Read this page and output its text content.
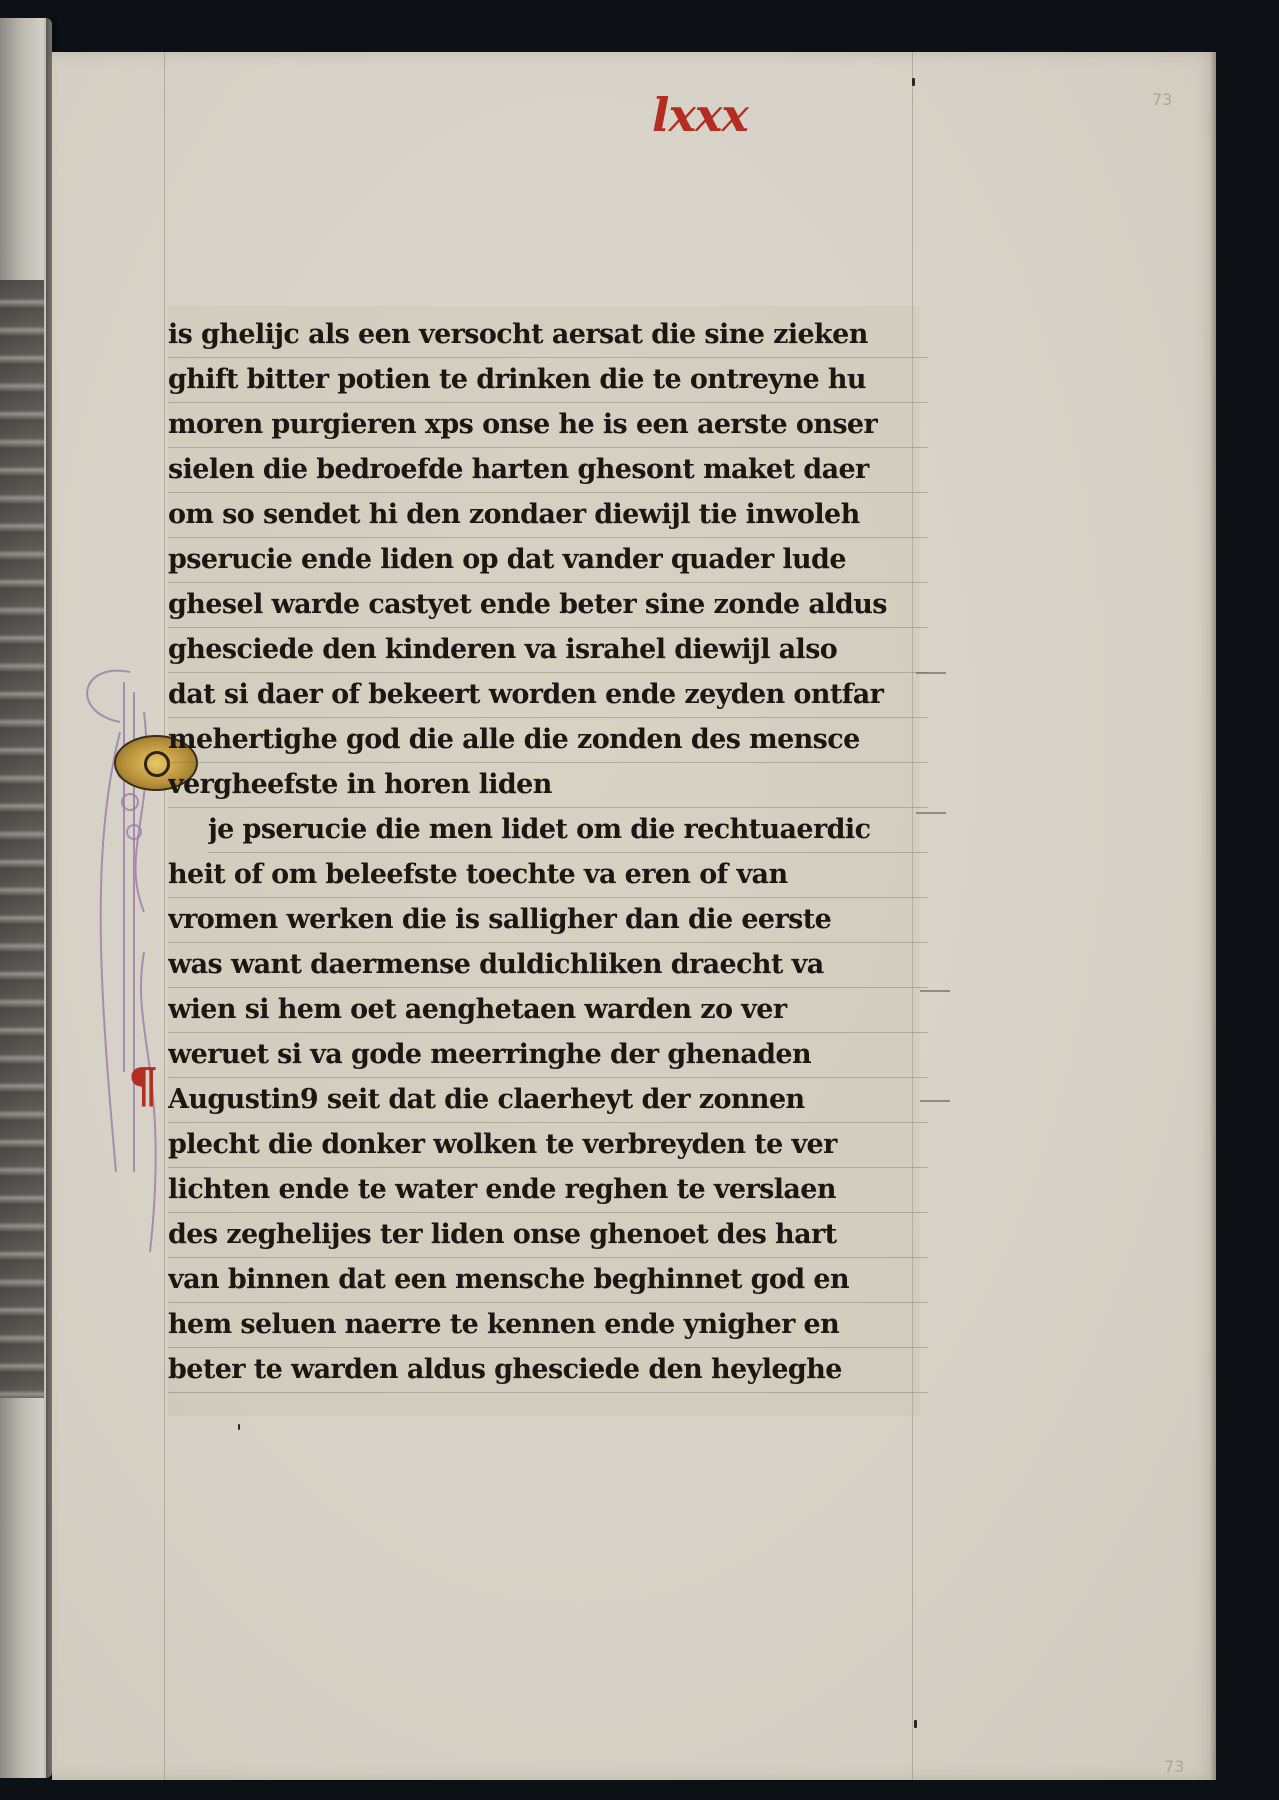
lxxx	73
73
¶
is ghelijc als een versocht aersat die sine zieken
ghift bitter potien te drinken die te ontreyne hu
moren purgieren xps onse he is een aerste onser
sielen die bedroefde harten ghesont maket daer
om so sendet hi den zondaer diewijl tie inwoleh
pserucie ende liden op dat vander quader lude
ghesel warde castyet ende beter sine zonde aldus
ghesciede den kinderen va israhel diewijl also
dat si daer of bekeert worden ende zeyden ontfar
mehertighe god die alle die zonden des mensce
vergheefste in horen liden
je pserucie die men lidet om die rechtuaerdic
heit of om beleefste toechte va eren of van
vromen werken die is salligher dan die eerste
was want daermense duldichliken draecht va
wien si hem oet aenghetaen warden zo ver
weruet si va gode meerringhe der ghenaden
Augustin9 seit dat die claerheyt der zonnen
plecht die donker wolken te verbreyden te ver
lichten ende te water ende reghen te verslaen
des zeghelijes ter liden onse ghenoet des hart
van binnen dat een mensche beghinnet god en
hem seluen naerre te kennen ende ynigher en
beter te warden aldus ghesciede den heyleghe
